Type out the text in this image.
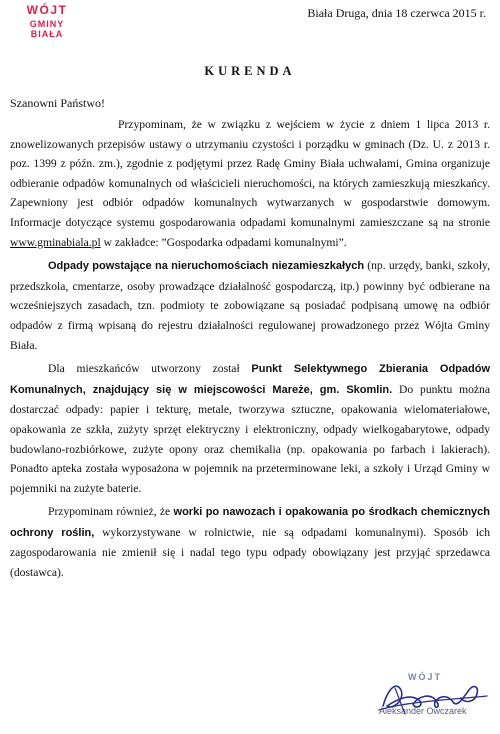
WÓJT
GMINY BIAŁA
Biała Druga, dnia 18 czerwca 2015 r.
KURENDA
Szanowni Państwo!

Przypominam, że w związku z wejściem w życie z dniem 1 lipca 2013 r. znowelizowanych przepisów ustawy o utrzymaniu czystości i porządku w gminach (Dz. U. z 2013 r. poz. 1399 z późn. zm.), zgodnie z podjętymi przez Radę Gminy Biała uchwałami, Gmina organizuje odbieranie odpadów komunalnych od właścicieli nieruchomości, na których zamieszkują mieszkańcy. Zapewniony jest odbiór odpadów komunalnych wytwarzanych w gospodarstwie domowym. Informacje dotyczące systemu gospodarowania odpadami komunalnymi zamieszczane są na stronie www.gminabiala.pl w zakładce: ”Gospodarka odpadami komunalnymi”.

Odpady powstające na nieruchomościach niezamieszkałych (np. urzędy, banki, szkoły, przedszkola, cmentarze, osoby prowadzące działalność gospodarczą, itp.) powinny być odbierane na wcześniejszych zasadach, tzn. podmioty te zobowiązane są posiadać podpisaną umowę na odbiór odpadów z firmą wpisaną do rejestru działalności regulowanej prowadzonego przez Wójta Gminy Biała.

Dla mieszkańców utworzony został Punkt Selektywnego Zbierania Odpadów Komunalnych, znajdujący się w miejscowości Mareże, gm. Skomlin. Do punktu można dostarczać odpady: papier i tekturę, metale, tworzywa sztuczne, opakowania wielomateriałowe, opakowania ze szkła, zużyty sprzęt elektryczny i elektroniczny, odpady wielkogabarytowe, odpady budowlano-rozbiórkowe, zużyte opony oraz chemikalia (np. opakowania po farbach i lakierach). Ponadto apteka została wyposażona w pojemnik na przeterminowane leki, a szkoły i Urząd Gminy w pojemniki na zużyte baterie.

Przypominam również, że worki po nawozach i opakowania po środkach chemicznych ochrony roślin, wykorzystywane w rolnictwie, nie są odpadami komunalnymi). Sposób ich zagospodarowania nie zmienił się i nadal tego typu odpady obowiązany jest przyjąć sprzedawca (dostawca).

WÓJT
Aleksander Owczarek
